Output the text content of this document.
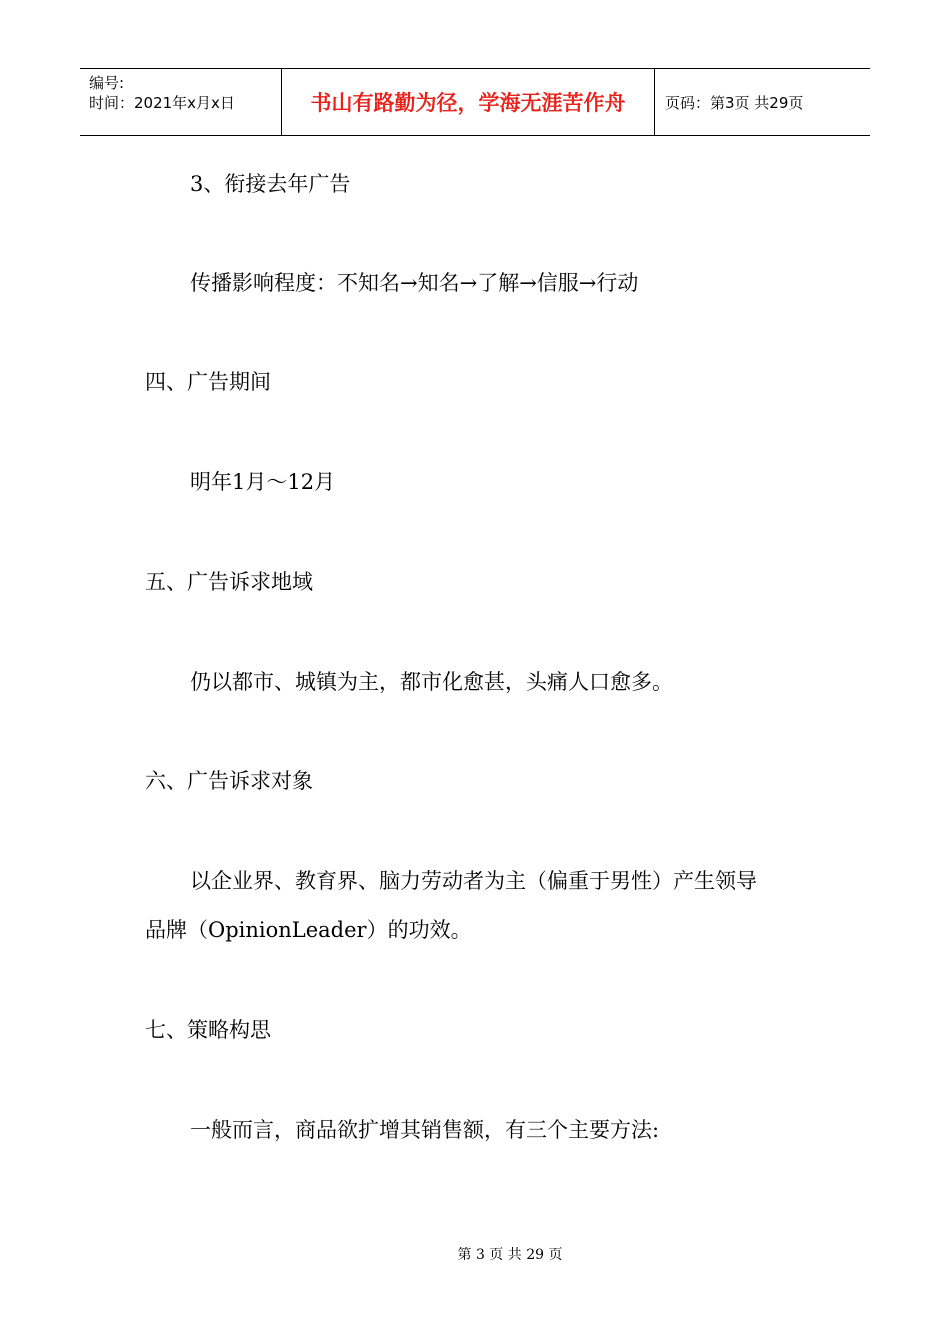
编号:
时间：2021年x月x日	书山有路勤为径，学海无涯苦作舟	页码：第3页 共29页
3、衔接去年广告
传播影响程度：不知名→知名→了解→信服→行动
四、广告期间
明年1月～12月
五、广告诉求地域
仍以都市、城镇为主，都市化愈甚，头痛人口愈多。
六、广告诉求对象
以企业界、教育界、脑力劳动者为主（偏重于男性）产生领导
品牌（OpinionLeader）的功效。
七、策略构思
一般而言，商品欲扩增其销售额，有三个主要方法:
第 3 页 共 29 页
